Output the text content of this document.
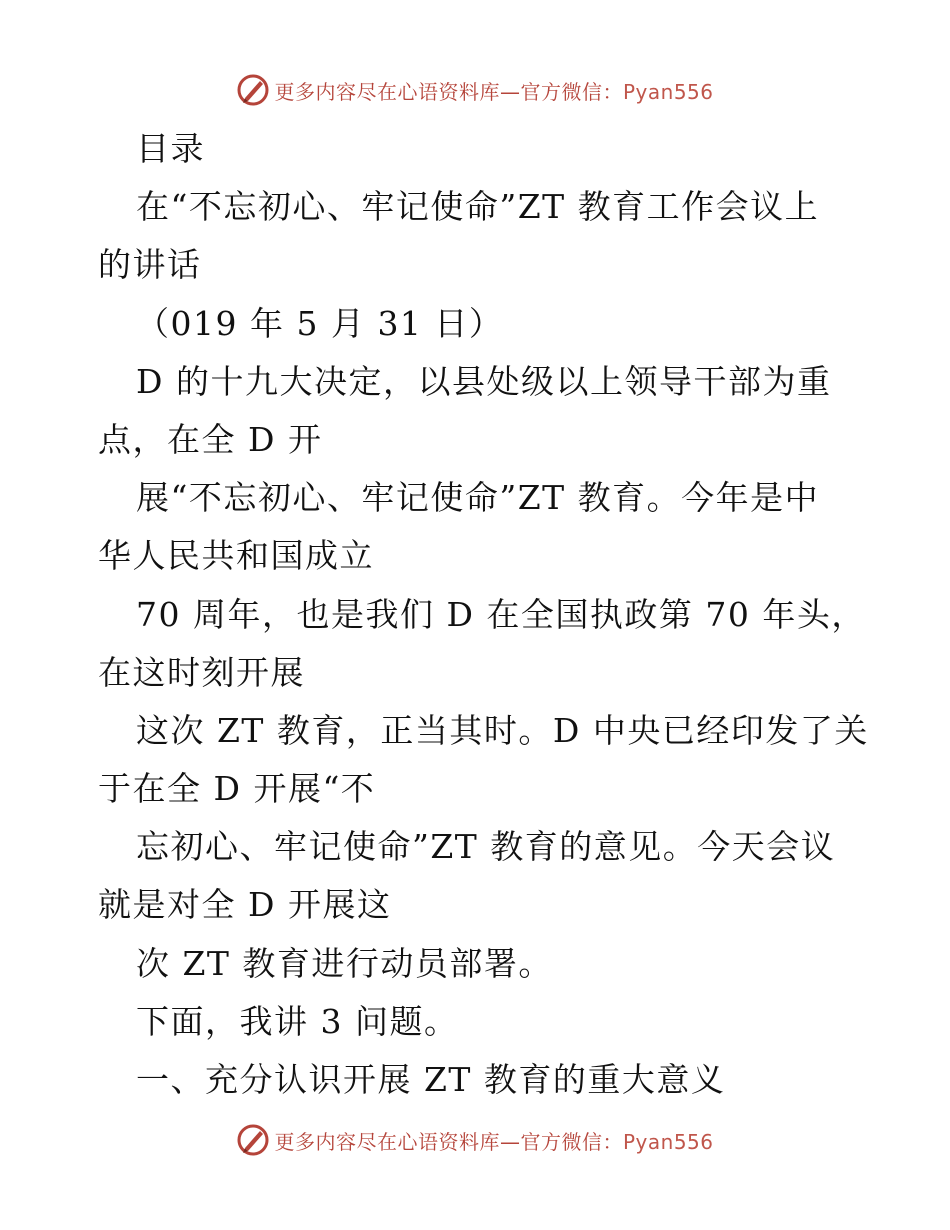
更多内容尽在心语资料库—官方微信：Pyan556
目录
在“不忘初心、牢记使命”ZT 教育工作会议上
的讲话
（019 年 5 月 31 日）
D 的十九大决定，以县处级以上领导干部为重
点，在全 D 开
展“不忘初心、牢记使命”ZT 教育。今年是中
华人民共和国成立
70 周年，也是我们 D 在全国执政第 70 年头，
在这时刻开展
这次 ZT 教育，正当其时。D 中央已经印发了关
于在全 D 开展“不
忘初心、牢记使命”ZT 教育的意见。今天会议
就是对全 D 开展这
次 ZT 教育进行动员部署。
下面，我讲 3 问题。
一、充分认识开展 ZT 教育的重大意义
更多内容尽在心语资料库—官方微信：Pyan556
